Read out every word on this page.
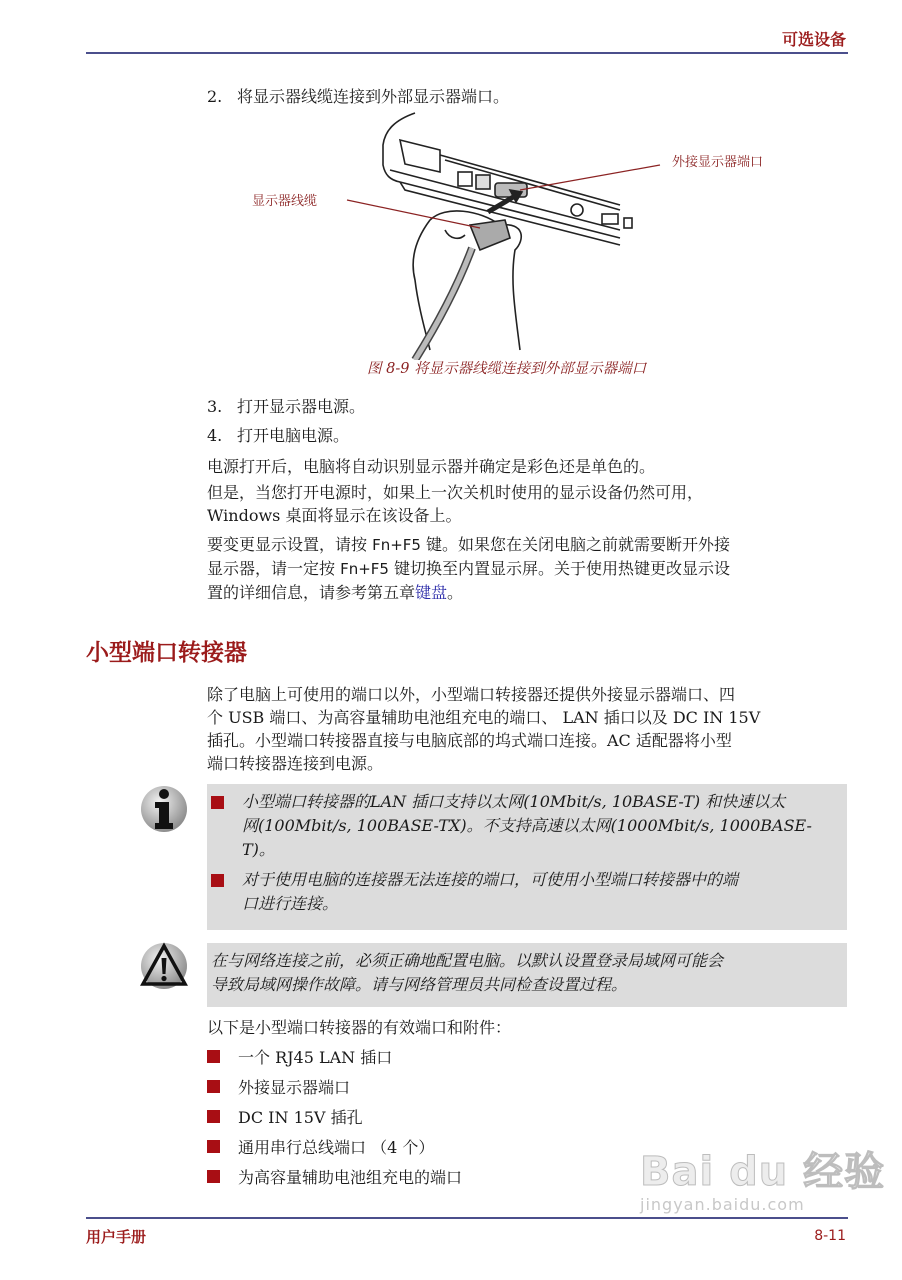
可选设备
2. 将显示器线缆连接到外部显示器端口。
显示器线缆
外接显示器端口
图 8-9 将显示器线缆连接到外部显示器端口
3. 打开显示器电源。
4. 打开电脑电源。
电源打开后，电脑将自动识别显示器并确定是彩色还是单色的。
但是，当您打开电源时，如果上一次关机时使用的显示设备仍然可用，
Windows 桌面将显示在该设备上。
要变更显示设置，请按 Fn+F5 键。如果您在关闭电脑之前就需要断开外接
显示器，请一定按 Fn+F5 键切换至内置显示屏。关于使用热键更改显示设
置的详细信息，请参考第五章键盘。
小型端口转接器
除了电脑上可使用的端口以外，小型端口转接器还提供外接显示器端口、四
个 USB 端口、为高容量辅助电池组充电的端口、 LAN 插口以及 DC IN 15V
插孔。小型端口转接器直接与电脑底部的坞式端口连接。AC 适配器将小型
端口转接器连接到电源。
小型端口转接器的LAN 插口支持以太网(10Mbit/s, 10BASE-T) 和快速以太
网(100Mbit/s, 100BASE-TX)。不支持高速以太网(1000Mbit/s, 1000BASE-
T)。
对于使用电脑的连接器无法连接的端口，可使用小型端口转接器中的端
口进行连接。
在与网络连接之前，必须正确地配置电脑。以默认设置登录局域网可能会
导致局域网操作故障。请与网络管理员共同检查设置过程。
以下是小型端口转接器的有效端口和附件：
一个 RJ45 LAN 插口
外接显示器端口
DC IN 15V 插孔
通用串行总线端口 （4 个）
为高容量辅助电池组充电的端口	Bai du 经验
jingyan.baidu.com
用户手册	8-11
